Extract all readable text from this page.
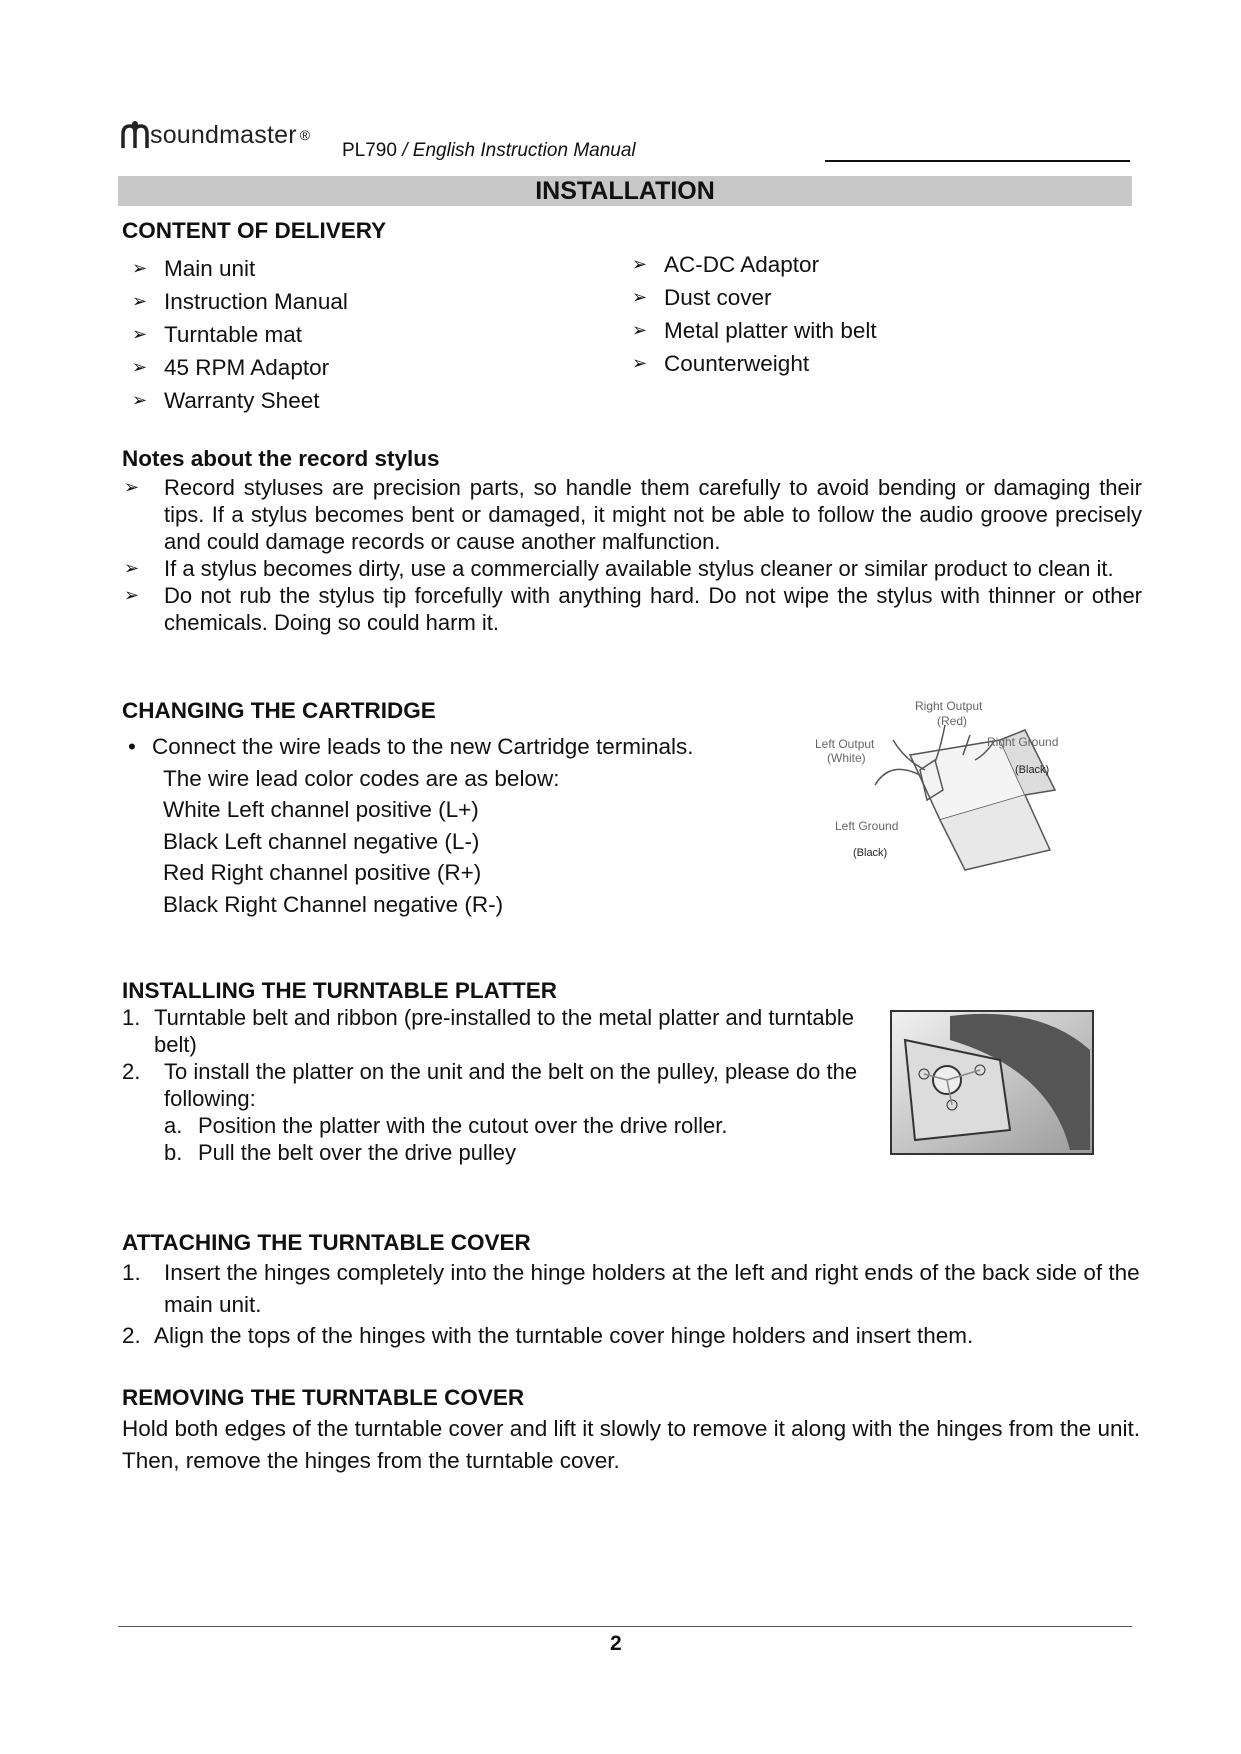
soundmaster ®
PL790 / English Instruction Manual
INSTALLATION
CONTENT OF DELIVERY
➢ Main unit
➢ Instruction Manual
➢ Turntable mat
➢ 45 RPM Adaptor
➢ Warranty Sheet
➢ AC-DC Adaptor
➢ Dust cover
➢ Metal platter with belt
➢ Counterweight
Notes about the record stylus
➢ Record styluses are precision parts, so handle them carefully to avoid bending or damaging their tips. If a stylus becomes bent or damaged, it might not be able to follow the audio groove precisely and could damage records or cause another malfunction.
➢ If a stylus becomes dirty, use a commercially available stylus cleaner or similar product to clean it.
➢ Do not rub the stylus tip forcefully with anything hard. Do not wipe the stylus with thinner or other chemicals. Doing so could harm it.
CHANGING THE CARTRIDGE
• Connect the wire leads to the new Cartridge terminals.
The wire lead color codes are as below:
White Left channel positive (L+)
Black Left channel negative (L-)
Red Right channel positive (R+)
Black Right Channel negative (R-)
Right Output
(Red)
Left Output
(White)
Right Ground
(Black)
Left Ground
(Black)
INSTALLING THE TURNTABLE PLATTER
1. Turntable belt and ribbon (pre-installed to the metal platter and turntable belt)
2. To install the platter on the unit and the belt on the pulley, please do the following:
a. Position the platter with the cutout over the drive roller.
b. Pull the belt over the drive pulley
ATTACHING THE TURNTABLE COVER
1. Insert the hinges completely into the hinge holders at the left and right ends of the back side of the main unit.
2. Align the tops of the hinges with the turntable cover hinge holders and insert them.
REMOVING THE TURNTABLE COVER
Hold both edges of the turntable cover and lift it slowly to remove it along with the hinges from the unit. Then, remove the hinges from the turntable cover.
2
